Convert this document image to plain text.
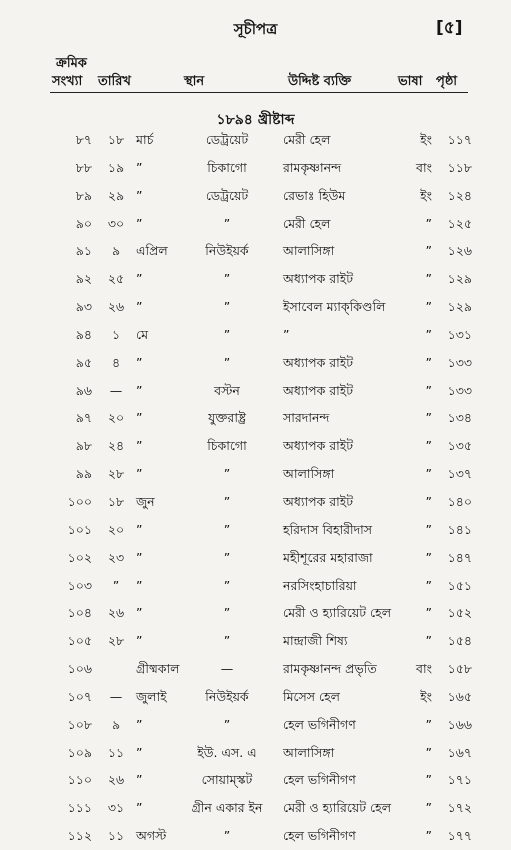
সূচীপত্র	[৫]
ক্রমিক
সংখ্যা তারিখ	স্থান	উদ্দিষ্ট ব্যক্তি	ভাষা পৃষ্ঠা
১৮৯৪ খ্রীষ্টাব্দ
৮৭	১৮ মার্চ	ডেট্রয়েট	মেরী হেল	ইং	১১৭
৮৮	১৯ ”	চিকাগো	রামকৃষ্ণানন্দ	বাং	১১৮
৮৯	২৯ ”	ডেট্রয়েট	রেভাঃ হিউম	ইং	১২৪
৯০	৩০ ”	”	মেরী হেল	”	১২৫
৯১	৯	এপ্রিল	নিউইয়র্ক	আলাসিঙ্গা	”	১২৬
৯২	২৫ ”	”	অধ্যাপক রাইট	”	১২৯
৯৩	২৬ ”	”	ইসাবেল ম্যাক্‌কিণ্ডলি	”	১২৯
৯৪	১	মে	”	”	”	১৩১
৯৫	৪	”	”	অধ্যাপক রাইট	”	১৩৩
৯৬	—	”	বস্টন	অধ্যাপক রাইট	”	১৩৩
৯৭	২০ ”	যুক্তরাষ্ট্র	সারদানন্দ	”	১৩৪
৯৮	২৪ ”	চিকাগো	অধ্যাপক রাইট	”	১৩৫
৯৯	২৮ ”	”	আলাসিঙ্গা	”	১৩৭
১০০	১৮ জুন	”	অধ্যাপক রাইট	”	১৪০
১০১	২০ ”	”	হরিদাস বিহারীদাস	”	১৪১
১০২	২৩ ”	”	মহীশূরের মহারাজা	”	১৪৭
১০৩	”	”	”	নরসিংহাচারিয়া	”	১৫১
১০৪	২৬ ”	”	মেরী ও হ্যারিয়েট হেল	”	১৫২
১০৫	২৮ ”	”	মান্দ্রাজী শিষ্য	”	১৫৪
১০৬	গ্রীষ্মকাল	—	রামকৃষ্ণানন্দ প্রভৃতি	বাং	১৫৮
১০৭	—	জুলাই	নিউইয়র্ক	মিসেস হেল	ইং	১৬৫
১০৮	৯	”	”	হেল ভগিনীগণ	”	১৬৬
১০৯	১১ ”	ইউ. এস. এ	আলাসিঙ্গা	”	১৬৭
১১০	২৬ ”	সোয়াম্স্কট	হেল ভগিনীগণ	”	১৭১
১১১	৩১ ”	গ্রীন একার ইন	মেরী ও হ্যারিয়েট হেল	”	১৭২
১১২	১১ অগস্ট	”	হেল ভগিনীগণ	”	১৭৭
